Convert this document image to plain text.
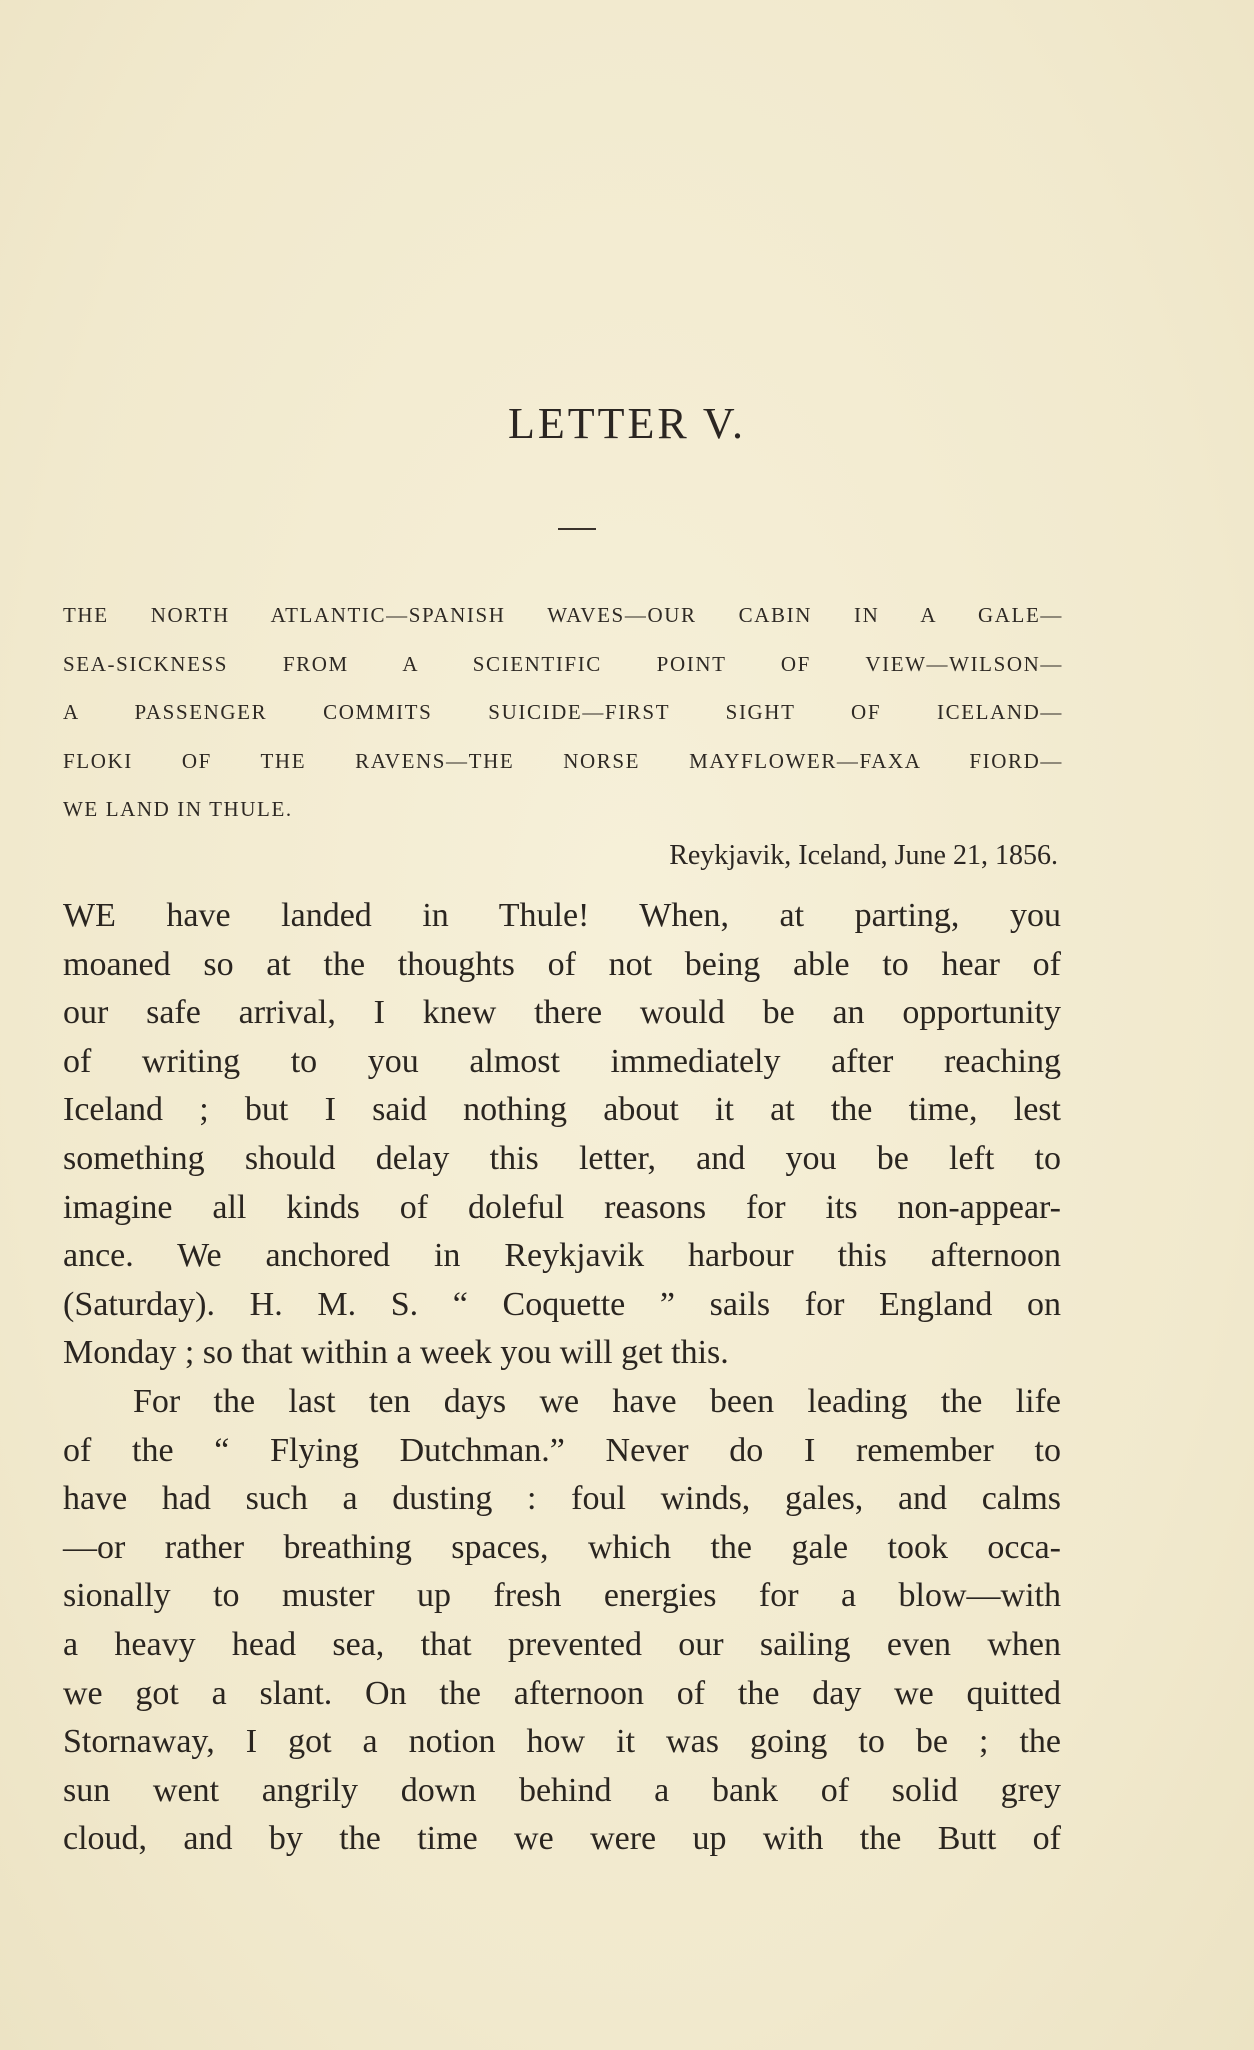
LETTER V.
THE NORTH ATLANTIC—SPANISH WAVES—OUR CABIN IN A GALE—
SEA-SICKNESS FROM A SCIENTIFIC POINT OF VIEW—WILSON—
A PASSENGER COMMITS SUICIDE—FIRST SIGHT OF ICELAND—
FLOKI OF THE RAVENS—THE NORSE MAYFLOWER—FAXA FIORD—
WE LAND IN THULE.
Reykjavik, Iceland, June 21, 1856.
WE have landed in Thule! When, at parting, you
moaned so at the thoughts of not being able to hear of
our safe arrival, I knew there would be an opportunity
of writing to you almost immediately after reaching
Iceland ; but I said nothing about it at the time, lest
something should delay this letter, and you be left to
imagine all kinds of doleful reasons for its non-appear-
ance. We anchored in Reykjavik harbour this afternoon
(Saturday). H. M. S. “ Coquette ” sails for England on
Monday ; so that within a week you will get this.
For the last ten days we have been leading the life
of the “ Flying Dutchman.” Never do I remember to
have had such a dusting : foul winds, gales, and calms
—or rather breathing spaces, which the gale took occa-
sionally to muster up fresh energies for a blow—with
a heavy head sea, that prevented our sailing even when
we got a slant. On the afternoon of the day we quitted
Stornaway, I got a notion how it was going to be ; the
sun went angrily down behind a bank of solid grey
cloud, and by the time we were up with the Butt of
